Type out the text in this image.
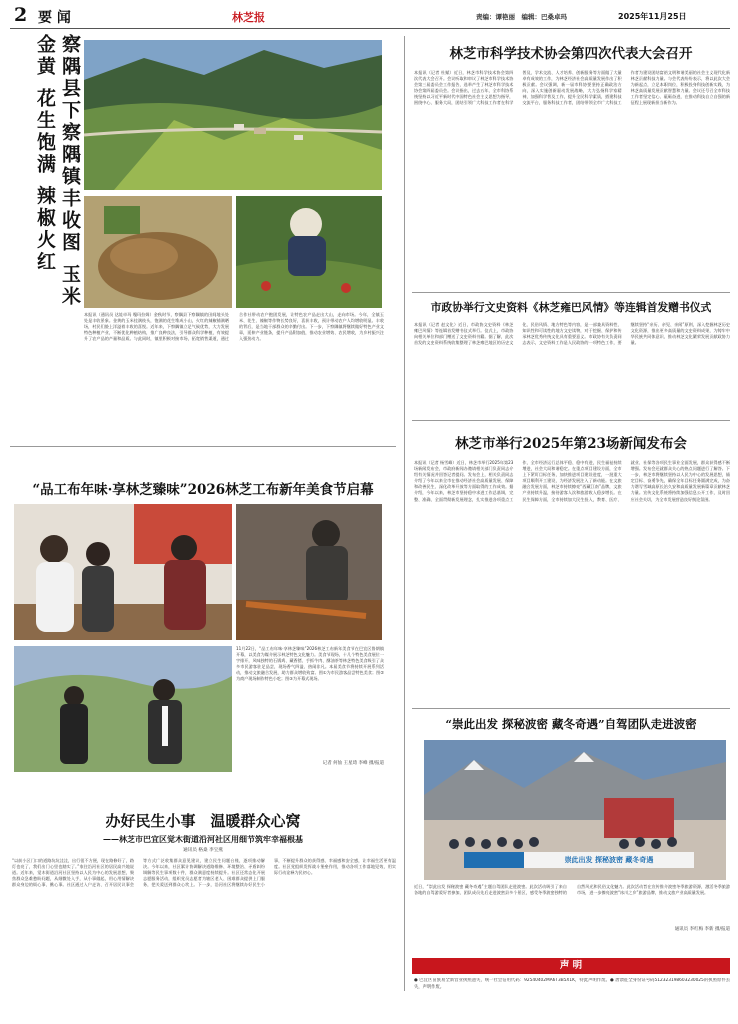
2 要 闻	林芝报	责编：谭艳丽　编辑：巴桑卓玛	2025年11月25日
察隅县下察隅镇丰收图 玉米金黄 花生饱满 辣椒火红
本报讯（通讯员 达娃卓玛 嘎玛拉姆）金秋时节，察隅县下察隅镇的田间地头处处是丰收景象。金黄的玉米挂满枝头，饱满的花生堆成小山，火红的辣椒铺满晒场，村民们脸上洋溢着丰收的喜悦。近年来，下察隅镇立足气候优势，大力发展特色种植产业，不断优化种植结构，推广良种良法，引导群众科学种植，有效提升了农产品的产量和品质。与此同时，镇里积极对接市场，拓宽销售渠道，通过合作社带动农户抱团发展，让特色农产品走出大山，走向市场。今年，全镇玉米、花生、辣椒等作物长势良好，喜获丰收，预计带动农户人均增收明显。丰收的背后，是当地干部群众的辛勤付出。下一步，下察隅镇将继续做好特色产业文章，延伸产业链条，提升产品附加值，推动农业增效、农民增收，为乡村振兴注入强劲动力。
“品工布年味·享林芝臻味”2026林芝工布新年美食节启幕
11月22日，“品工布年味·享林芝臻味”2026林芝工布新年美食节在巴宜区鲁朗镇开幕，以美食为媒介展示林芝特色文化魅力。美食节现场，十几个特色美食展位一字排开，风味独特的石锅鸡、藏香猪、手抓牛肉、酥油茶等林芝特色美食吸引了众多市民游客驻足品尝，现场香气四溢、热闹非凡。本届美食节将持续开展系列活动，推动文旅融合发展，助力群众增收致富。图①为市民游客品尝特色美食；图②为商户现场制作特色小吃；图③为开幕式现场。
记者 何仙 王星琦 李峰 摄/报道
办好民生小事　温暖群众心窝
——林芝市巴宜区觉木街道沿河社区用细节筑牢幸福根基
通讯员 格桑 李宝燕
“以前小区门口的道路坑坑洼洼，出行很不方便，现在路修好了，路灯也亮了，我们出门心里也踏实了。”家住沿河社区的居民高兴地说道。近年来，觉木街道沿河社区坚持以人民为中心的发展思想，聚焦群众急难愁盼问题，从细微处入手，从小事做起，用心用情解决群众身边的烦心事、揪心事。社区通过入户走访、召开居民议事会等方式广泛收集群众意见建议，建立民生问题台账，逐项推动解决。今年以来，社区累计协调解决道路维修、环境整治、矛盾纠纷调解等民生事项数十件，群众满意度持续提升。社区还常态化开展志愿服务活动，组织党员志愿者为辖区老人、困难群众提供上门服务，把关爱送到群众心坎上。下一步，沿河社区将继续办好民生小事，不断提升群众的获得感、幸福感和安全感，让幸福生活更有温度。社区党组织发挥战斗堡垒作用，推动各项工作落地见效，用实际行动诠释为民初心。
林芝市科学技术协会第四次代表大会召开
本报讯（记者 杜赋）近日，林芝市科学技术协会第四次代表大会召开。会议听取和审议了林芝市科学技术协会第三届委员会工作报告，选举产生了林芝市科学技术协会第四届委员会。会议指出，过去五年，全市科协系统坚持以习近平新时代中国特色社会主义思想为指导，围绕中心、服务大局，团结引领广大科技工作者在科学普及、学术交流、人才培养、创新服务等方面做了大量卓有成效的工作，为林芝经济社会高质量发展作出了积极贡献。会议强调，新一届市科协要坚持正确政治方向，深入实施创新驱动发展战略，大力弘扬科学家精神，加强科学普及工作，提升全民科学素质，搭建科技交流平台，服务科技工作者，团结带领全市广大科技工作者为建设团结富裕文明和谐美丽的社会主义现代化新林芝贡献科技力量。与会代表纷纷表示，将以此次大会为新起点，立足本职岗位，积极投身科技创新实践，为林芝高质量发展贡献智慧和力量。会议还号召全市科技工作者坚定信心、砥砺奋进，在推动科技自立自强的新征程上展现新担当新作为。
市政协举行文史资料《林芝雍巴风情》等连辑首发赠书仪式
本报讯（记者 赵文化）近日，市政协文史资料《林芝雍巴风情》等连辑首发赠书仪式举行。仪式上，市政协向相关单位和部门赠送了文史资料书籍。据了解，此次首发的文史资料系统收集整理了林芝雍巴地区的历史文化、民俗风情、地方特色等内容，是一部兼具资料性、知识性和可读性的地方文史读物，对于挖掘、保护和传承林芝优秀传统文化具有重要意义。市政协有关负责同志表示，文史资料工作是人民政协的一项特色工作，要继续坚持“亲历、亲见、亲闻”原则，深入挖掘林芝历史文化资源，推出更多高质量的文史资料成果，为铸牢中华民族共同体意识、推动林芝文化繁荣发展贡献政协力量。
林芝市举行2025年第23场新闻发布会
本报讯（记者 杨雪峰）近日，林芝市举行2025年第23场新闻发布会，市政府新闻办邀请相关部门负责同志介绍有关情况并回答记者提问。发布会上，相关负责同志介绍了今年以来全市在推动经济社会高质量发展、保障和改善民生、深化改革开放等方面取得的工作成效。据介绍，今年以来，林芝市坚持稳中求进工作总基调，完整、准确、全面贯彻新发展理念，扎实推进各项重点工作，全市经济运行总体平稳、稳中有进，民生福祉持续增进，社会大局和谐稳定。在重点项目建设方面，全市上下紧盯目标任务，加快推进项目建设进度，一批重大项目顺利开工建设，为经济发展注入了新动能。在文旅融合发展方面，林芝市持续擦亮“西藏江南”品牌，文旅产业持续升温，接待游客人次和旅游收入稳步增长。在民生保障方面，全市持续加大民生投入，教育、医疗、就业、社保等各项民生事业全面发展，群众获得感不断增强。发布会还就群众关心的热点问题进行了解答。下一步，林芝市将继续坚持以人民为中心的发展思想，锚定目标、奋勇争先，确保全年目标任务圆满完成，为奋力谱写雪域高原长治久安和高质量发展新篇章贡献林芝力量。宣传文化系统将持续加强信息公开工作，及时回应社会关切，为全市发展营造良好舆论氛围。
“崇此出发 探秘波密 藏冬奇遇”自驾团队走进波密
崇此出发 探秘波密 藏冬奇遇
近日，“崇此出发 探秘波密 藏冬奇遇”主题自驾团队走进波密。此次活动吸引了来自各地的自驾游爱好者参加，团队成员先后走进波密县多个景区，感受冬季波密独特的自然风光和民俗文化魅力。此次活动旨在宣传推介波密冬季旅游资源，激活冬季旅游市场，进一步擦亮波密“冰川之乡”旅游品牌，推动文旅产业高质量发展。
通讯员 李红梅 李新 摄/报道
声 明
● 巴宜区苗族易全新营业执照遗失，统一社会信用代码：92540402MA6T3B5X1K，特此声明作废。● 唐馈征全身份证号码512323198603230025的执照原件丢失，声明作废。
